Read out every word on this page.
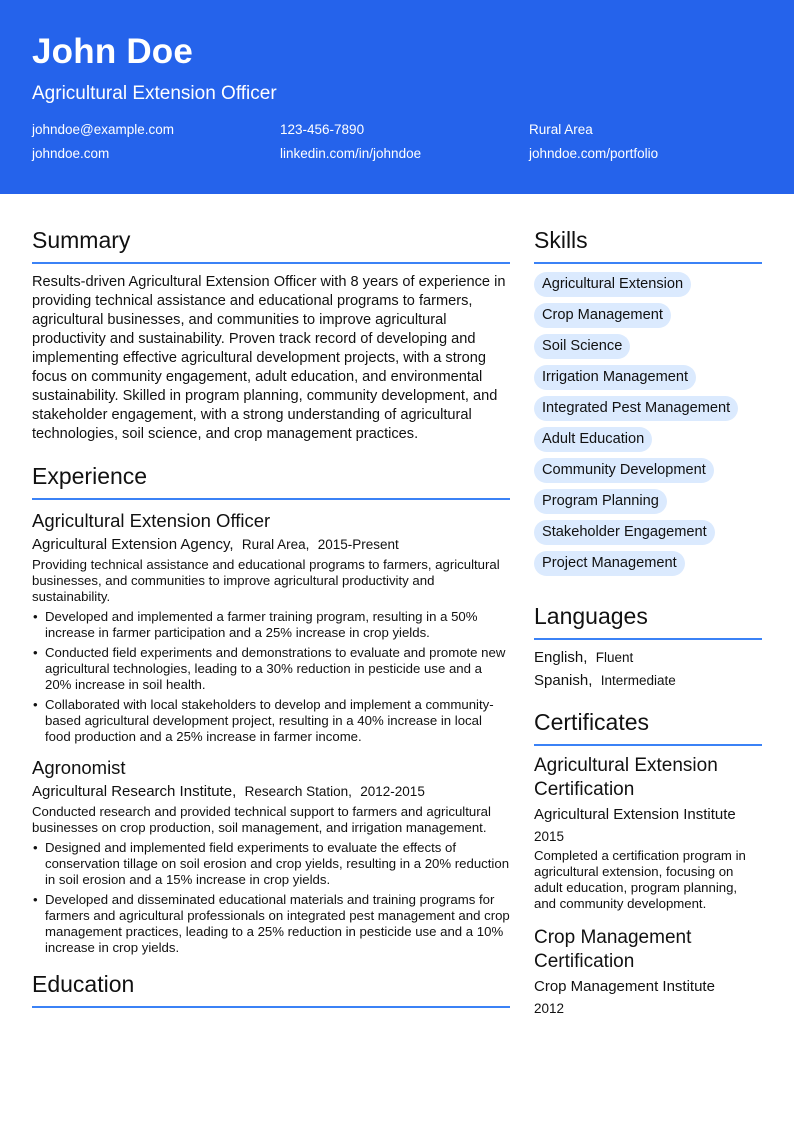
John Doe
Agricultural Extension Officer
johndoe@example.com	123-456-7890	Rural Area
johndoe.com	linkedin.com/in/johndoe	johndoe.com/portfolio
Summary

Results-driven Agricultural Extension Officer with 8 years of experience in providing technical assistance and educational programs to farmers, agricultural businesses, and communities to improve agricultural productivity and sustainability. Proven track record of developing and implementing effective agricultural development projects, with a strong focus on community engagement, adult education, and environmental sustainability. Skilled in program planning, community development, and stakeholder engagement, with a strong understanding of agricultural technologies, soil science, and crop management practices.

Experience
Agricultural Extension Officer
Agricultural Extension Agency, Rural Area, 2015-Present
Providing technical assistance and educational programs to farmers, agricultural businesses, and communities to improve agricultural productivity and sustainability.
• Developed and implemented a farmer training program, resulting in a 50% increase in farmer participation and a 25% increase in crop yields.
• Conducted field experiments and demonstrations to evaluate and promote new agricultural technologies, leading to a 30% reduction in pesticide use and a 20% increase in soil health.
• Collaborated with local stakeholders to develop and implement a community-based agricultural development project, resulting in a 40% increase in local food production and a 25% increase in farmer income.
Agronomist
Agricultural Research Institute, Research Station, 2012-2015
Conducted research and provided technical support to farmers and agricultural businesses on crop production, soil management, and irrigation management.
• Designed and implemented field experiments to evaluate the effects of conservation tillage on soil erosion and crop yields, resulting in a 20% reduction in soil erosion and a 15% increase in crop yields.
• Developed and disseminated educational materials and training programs for farmers and agricultural professionals on integrated pest management and crop management practices, leading to a 25% reduction in pesticide use and a 10% increase in crop yields.
Education
Skills
Agricultural Extension
Crop Management
Soil Science
Irrigation Management
Integrated Pest Management
Adult Education
Community Development
Program Planning
Stakeholder Engagement
Project Management
Languages
English, Fluent
Spanish, Intermediate
Certificates
Agricultural Extension Certification
Agricultural Extension Institute
2015
Completed a certification program in agricultural extension, focusing on adult education, program planning, and community development.
Crop Management Certification
Crop Management Institute
2012
